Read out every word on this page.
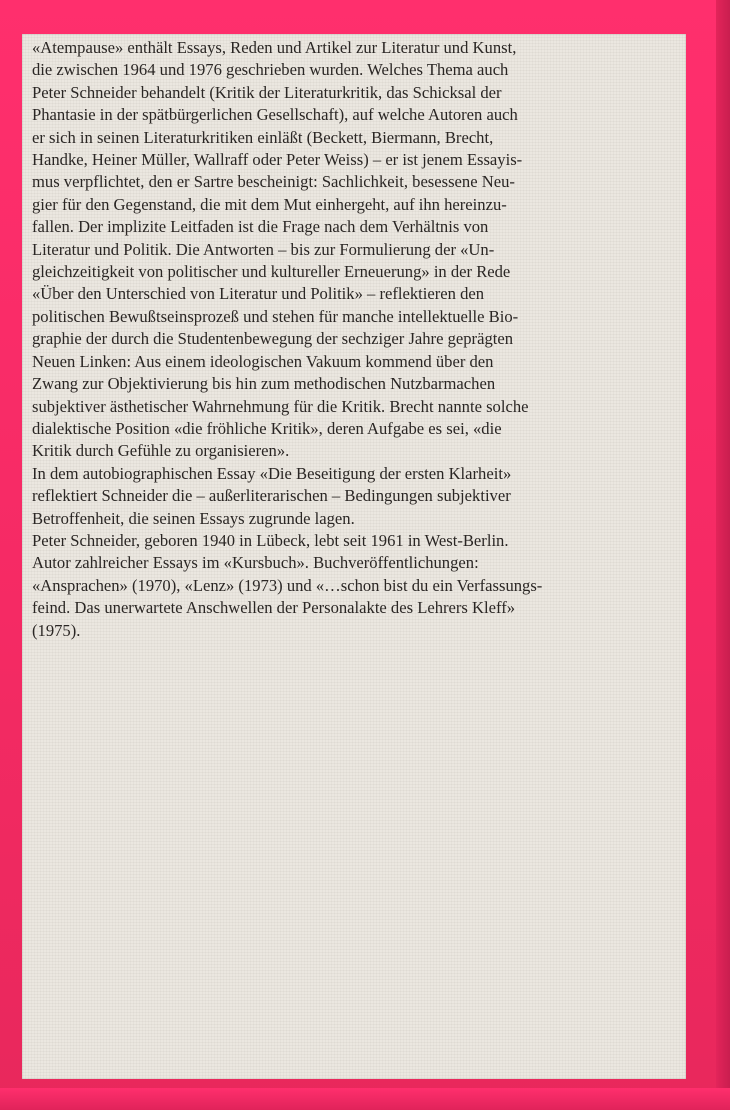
«Atempause» enthält Essays, Reden und Artikel zur Literatur und Kunst,
die zwischen 1964 und 1976 geschrieben wurden. Welches Thema auch
Peter Schneider behandelt (Kritik der Literaturkritik, das Schicksal der
Phantasie in der spätbürgerlichen Gesellschaft), auf welche Autoren auch
er sich in seinen Literaturkritiken einläßt (Beckett, Biermann, Brecht,
Handke, Heiner Müller, Wallraff oder Peter Weiss) – er ist jenem Essayis-
mus verpflichtet, den er Sartre bescheinigt: Sachlichkeit, besessene Neu-
gier für den Gegenstand, die mit dem Mut einhergeht, auf ihn hereinzu-
fallen. Der implizite Leitfaden ist die Frage nach dem Verhältnis von
Literatur und Politik. Die Antworten – bis zur Formulierung der «Un-
gleichzeitigkeit von politischer und kultureller Erneuerung» in der Rede
«Über den Unterschied von Literatur und Politik» – reflektieren den
politischen Bewußtseinsprozeß und stehen für manche intellektuelle Bio-
graphie der durch die Studentenbewegung der sechziger Jahre geprägten
Neuen Linken: Aus einem ideologischen Vakuum kommend über den
Zwang zur Objektivierung bis hin zum methodischen Nutzbarmachen
subjektiver ästhetischer Wahrnehmung für die Kritik. Brecht nannte solche
dialektische Position «die fröhliche Kritik», deren Aufgabe es sei, «die
Kritik durch Gefühle zu organisieren».
In dem autobiographischen Essay «Die Beseitigung der ersten Klarheit»
reflektiert Schneider die – außerliterarischen – Bedingungen subjektiver
Betroffenheit, die seinen Essays zugrunde lagen.
Peter Schneider, geboren 1940 in Lübeck, lebt seit 1961 in West-Berlin.
Autor zahlreicher Essays im «Kursbuch». Buchveröffentlichungen:
«Ansprachen» (1970), «Lenz» (1973) und «…schon bist du ein Verfassungs-
feind. Das unerwartete Anschwellen der Personalakte des Lehrers Kleff»
(1975).
